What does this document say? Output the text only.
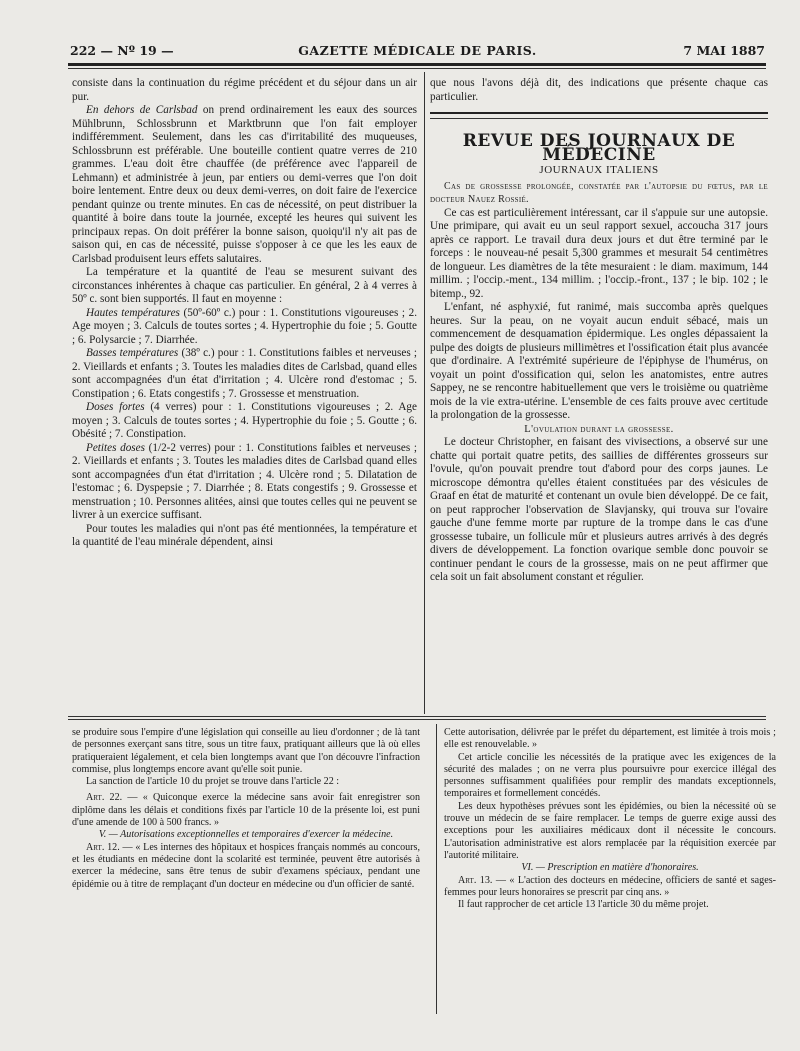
222 — Nº 19 —	GAZETTE MÉDICALE DE PARIS.	7 MAI 1887

consiste dans la continuation du régime précédent et du séjour dans un air pur.

En dehors de Carlsbad on prend ordinairement les eaux des sources Mühlbrunn, Schlossbrunn et Marktbrunn que l'on fait employer indifféremment. Seulement, dans les cas d'irritabilité des muqueuses, Schlossbrunn est préférable. Une bouteille contient quatre verres de 210 grammes. L'eau doit être chauffée (de préférence avec l'appareil de Lehmann) et administrée à jeun, par entiers ou demi-verres que l'on doit boire lentement. Entre deux ou deux demi-verres, on doit faire de l'exercice pendant quinze ou trente minutes. En cas de nécessité, on peut distribuer la quantité à boire dans toute la journée, excepté les heures qui suivent les principaux repas. On doit préférer la bonne saison, quoiqu'il n'y ait pas de saison qui, en cas de nécessité, puisse s'opposer à ce que les les eaux de Carlsbad produisent leurs effets salutaires.

La température et la quantité de l'eau se mesurent suivant des circonstances inhérentes à chaque cas particulier. En général, 2 à 4 verres à 50º c. sont bien supportés. Il faut en moyenne :

Hautes températures (50º-60º c.) pour : 1. Constitutions vigoureuses ; 2. Age moyen ; 3. Calculs de toutes sortes ; 4. Hypertrophie du foie ; 5. Goutte ; 6. Polysarcie ; 7. Diarrhée.

Basses températures (38º c.) pour : 1. Constitutions faibles et nerveuses ; 2. Vieillards et enfants ; 3. Toutes les maladies dites de Carlsbad, quand elles sont accompagnées d'un état d'irritation ; 4. Ulcère rond d'estomac ; 5. Constipation ; 6. Etats congestifs ; 7. Grossesse et menstruation.

Doses fortes (4 verres) pour : 1. Constitutions vigoureuses ; 2. Age moyen ; 3. Calculs de toutes sortes ; 4. Hypertrophie du foie ; 5. Goutte ; 6. Obésité ; 7. Constipation.

Petites doses (1/2-2 verres) pour : 1. Constitutions faibles et nerveuses ; 2. Vieillards et enfants ; 3. Toutes les maladies dites de Carlsbad quand elles sont accompagnées d'un état d'irritation ; 4. Ulcère rond ; 5. Dilatation de l'estomac ; 6. Dyspepsie ; 7. Diarrhée ; 8. Etats congestifs ; 9. Grossesse et menstruation ; 10. Personnes alitées, ainsi que toutes celles qui ne peuvent se livrer à un exercice suffisant.

Pour toutes les maladies qui n'ont pas été mentionnées, la température et la quantité de l'eau minérale dépendent, ainsi

que nous l'avons déjà dit, des indications que présente chaque cas particulier.

REVUE DES JOURNAUX DE MÉDECINE
JOURNAUX ITALIENS

Cas de grossesse prolongée, constatée par l'autopsie du fœtus, par le docteur Nauez Rossié.

Ce cas est particulièrement intéressant, car il s'appuie sur une autopsie. Une primipare, qui avait eu un seul rapport sexuel, accoucha 317 jours après ce rapport. Le travail dura deux jours et dut être terminé par le forceps : le nouveau-né pesait 5,300 grammes et mesurait 54 centimètres de longueur. Les diamètres de la tête mesuraient : le diam. maximum, 144 millim. ; l'occip.-ment., 134 millim. ; l'occip.-front., 137 ; le bip. 102 ; le bitemp., 92.

L'enfant, né asphyxié, fut ranimé, mais succomba après quelques heures. Sur la peau, on ne voyait aucun enduit sébacé, mais un commencement de desquamation épidermique. Les ongles dépassaient la pulpe des doigts de plusieurs millimètres et l'ossification était plus avancée que d'ordinaire. A l'extrémité supérieure de l'épiphyse de l'humérus, on voyait un point d'ossification qui, selon les anatomistes, entre autres Sappey, ne se rencontre habituellement que vers le troisième ou quatrième mois de la vie extra-utérine. L'ensemble de ces faits prouve avec certitude la prolongation de la grossesse.

L'ovulation durant la grossesse.

Le docteur Christopher, en faisant des vivisections, a observé sur une chatte qui portait quatre petits, des saillies de différentes grosseurs sur l'ovule, qu'on pouvait prendre tout d'abord pour des corps jaunes. Le microscope démontra qu'elles étaient constituées par des vésicules de Graaf en état de maturité et contenant un ovule bien développé. De ce fait, on peut rapprocher l'observation de Slavjansky, qui trouva sur l'ovaire gauche d'une femme morte par rupture de la trompe dans le cas d'une grossesse tubaire, un follicule mûr et plusieurs autres arrivés à des degrés divers de développement. La fonction ovarique semble donc pouvoir se continuer pendant le cours de la grossesse, mais on ne peut affirmer que cela soit un fait absolument constant et régulier.

se produire sous l'empire d'une législation qui conseille au lieu d'ordonner ; de là tant de personnes exerçant sans titre, sous un titre faux, pratiquant ailleurs que là où elles pratiqueraient légalement, et cela bien longtemps avant que l'on découvre l'infraction commise, plus longtemps encore avant qu'elle soit punie.

La sanction de l'article 10 du projet se trouve dans l'article 22 :

Art. 22. — « Quiconque exerce la médecine sans avoir fait enregistrer son diplôme dans les délais et conditions fixés par l'article 10 de la présente loi, est puni d'une amende de 100 à 500 francs. »

V. — Autorisations exceptionnelles et temporaires d'exercer la médecine.

Art. 12. — « Les internes des hôpitaux et hospices français nommés au concours, et les étudiants en médecine dont la scolarité est terminée, peuvent être autorisés à exercer la médecine, sans être tenus de subir d'examens spéciaux, pendant une épidémie ou à titre de remplaçant d'un docteur en médecine ou d'un officier de santé.

Cette autorisation, délivrée par le préfet du département, est limitée à trois mois ; elle est renouvelable. »

Cet article concilie les nécessités de la pratique avec les exigences de la sécurité des malades ; on ne verra plus poursuivre pour exercice illégal des personnes suffisamment qualifiées pour remplir des mandats exceptionnels, temporaires et formellement concédés.

Les deux hypothèses prévues sont les épidémies, ou bien la nécessité où se trouve un médecin de se faire remplacer. Le temps de guerre exige aussi des exceptions pour les auxiliaires médicaux dont il nécessite le concours. L'autorisation administrative est alors remplacée par la réquisition exercée par l'autorité militaire.

VI. — Prescription en matière d'honoraires.

Art. 13. — « L'action des docteurs en médecine, officiers de santé et sages-femmes pour leurs honoraires se prescrit par cinq ans. »

Il faut rapprocher de cet article 13 l'article 30 du même projet.
